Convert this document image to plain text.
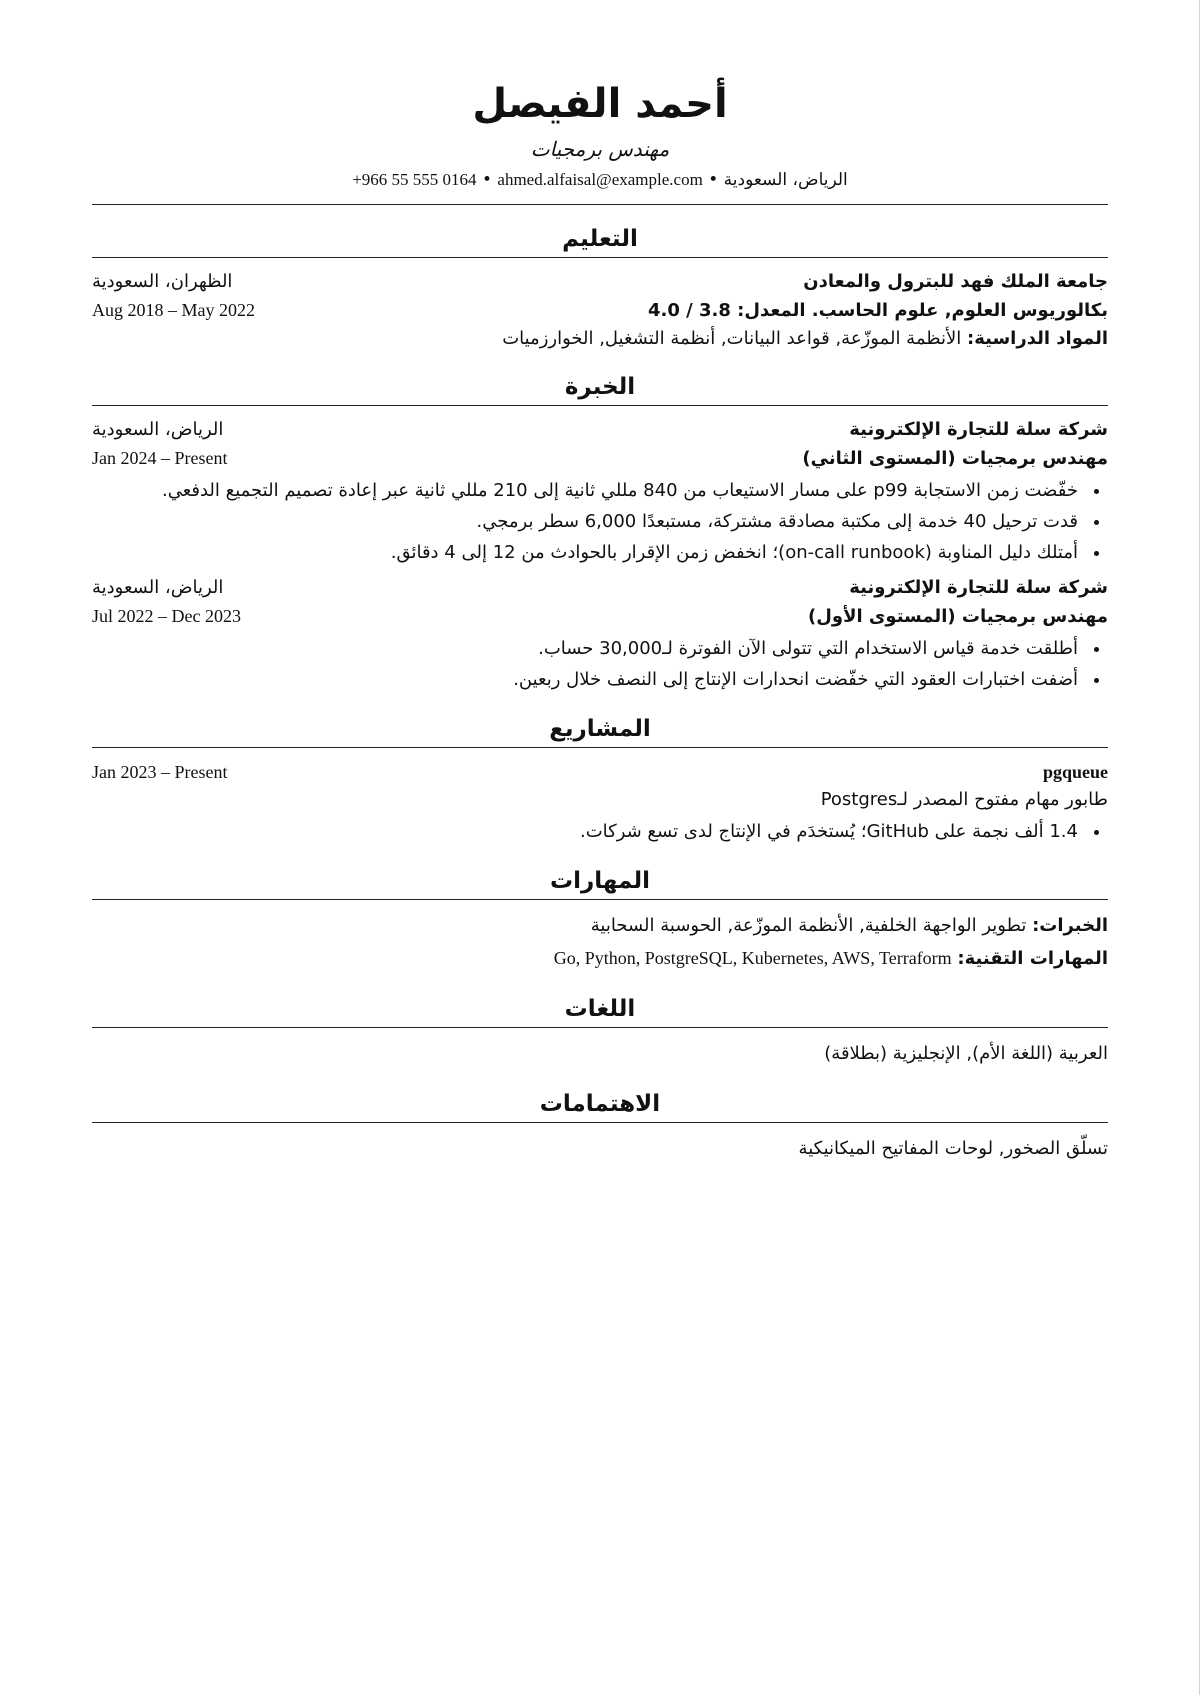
أحمد الفيصل
مهندس برمجيات
الرياض، السعودية • +966 55 555 0164 • ahmed.alfaisal@example.com
التعليم
جامعة الملك فهد للبترول والمعادن
الظهران، السعودية
بكالوريوس العلوم, علوم الحاسب. المعدل: 3.8 / 4.0
Aug 2018 – May 2022
المواد الدراسية: الأنظمة الموزّعة, قواعد البيانات, أنظمة التشغيل, الخوارزميات
الخبرة
شركة سلة للتجارة الإلكترونية
الرياض، السعودية
مهندس برمجيات (المستوى الثاني)
Jan 2024 – Present
• خفّضت زمن الاستجابة p99 على مسار الاستيعاب من 840 مللي ثانية إلى 210 مللي ثانية عبر إعادة تصميم التجميع الدفعي.
• قدت ترحيل 40 خدمة إلى مكتبة مصادقة مشتركة، مستبعدًا 6,000 سطر برمجي.
• أمتلك دليل المناوبة (on-call runbook)؛ انخفض زمن الإقرار بالحوادث من 12 إلى 4 دقائق.
شركة سلة للتجارة الإلكترونية
الرياض، السعودية
مهندس برمجيات (المستوى الأول)
Jul 2022 – Dec 2023
• أطلقت خدمة قياس الاستخدام التي تتولى الآن الفوترة لـ30,000 حساب.
• أضفت اختبارات العقود التي خفّضت انحدارات الإنتاج إلى النصف خلال ربعين.
المشاريع
pgqueue
Jan 2023 – Present
طابور مهام مفتوح المصدر لـPostgres
• 1.4 ألف نجمة على GitHub؛ يُستخدَم في الإنتاج لدى تسع شركات.
المهارات
الخبرات: تطوير الواجهة الخلفية, الأنظمة الموزّعة, الحوسبة السحابية
المهارات التقنية: Go, Python, PostgreSQL, Kubernetes, AWS, Terraform
اللغات
العربية (اللغة الأم), الإنجليزية (بطلاقة)
الاهتمامات
تسلّق الصخور, لوحات المفاتيح الميكانيكية
